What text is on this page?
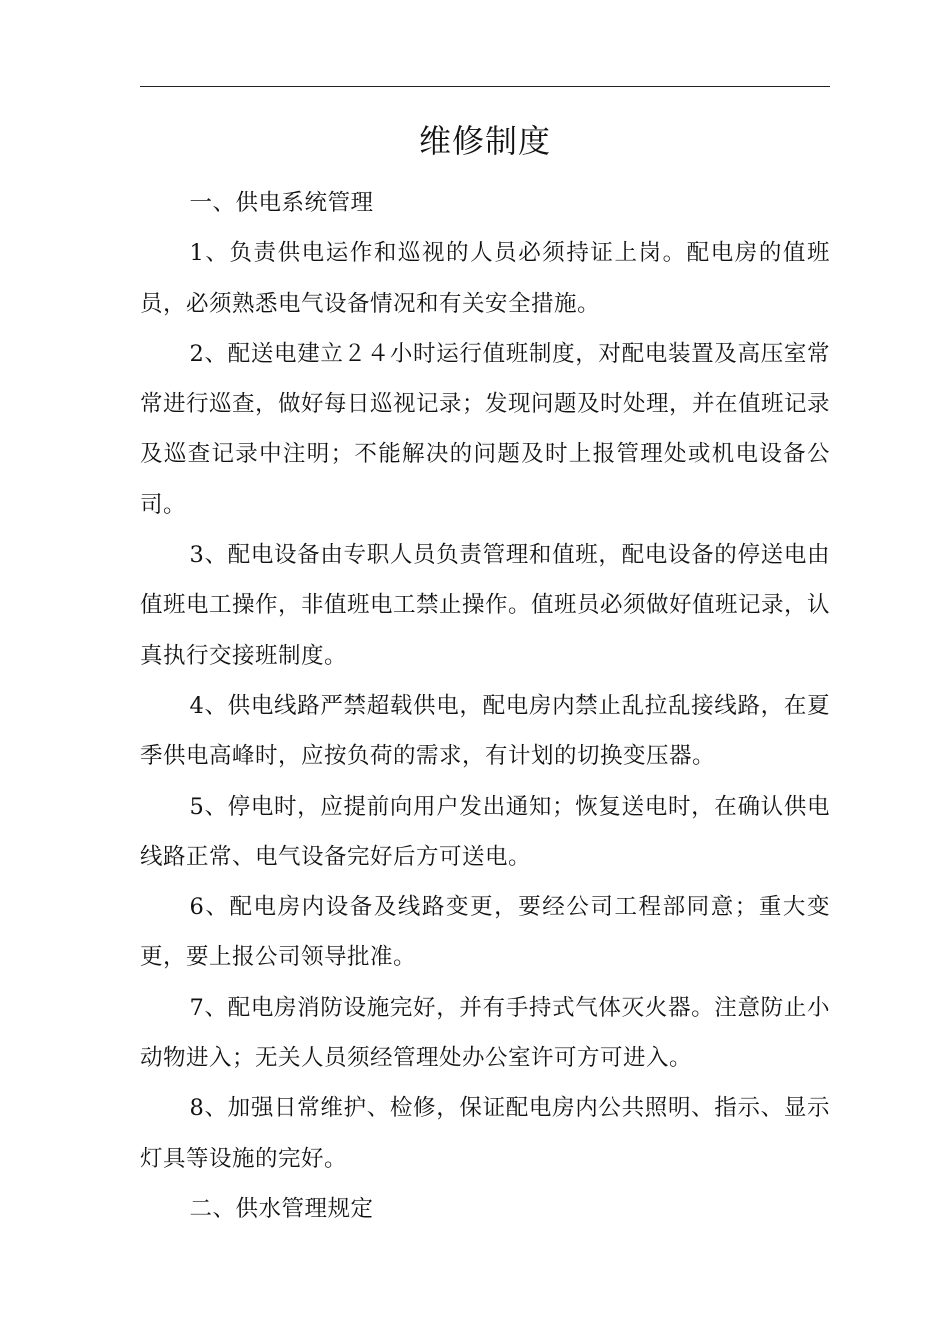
维修制度

一、供电系统管理

1、负责供电运作和巡视的人员必须持证上岗。配电房的值班员，必须熟悉电气设备情况和有关安全措施。

2、配送电建立２４小时运行值班制度，对配电装置及高压室常常进行巡查，做好每日巡视记录；发现问题及时处理，并在值班记录及巡查记录中注明；不能解决的问题及时上报管理处或机电设备公司。

3、配电设备由专职人员负责管理和值班，配电设备的停送电由值班电工操作，非值班电工禁止操作。值班员必须做好值班记录，认真执行交接班制度。

4、供电线路严禁超载供电，配电房内禁止乱拉乱接线路，在夏季供电高峰时，应按负荷的需求，有计划的切换变压器。

5、停电时，应提前向用户发出通知；恢复送电时，在确认供电线路正常、电气设备完好后方可送电。

6、配电房内设备及线路变更，要经公司工程部同意；重大变更，要上报公司领导批准。

7、配电房消防设施完好，并有手持式气体灭火器。注意防止小动物进入；无关人员须经管理处办公室许可方可进入。

8、加强日常维护、检修，保证配电房内公共照明、指示、显示灯具等设施的完好。

二、供水管理规定
